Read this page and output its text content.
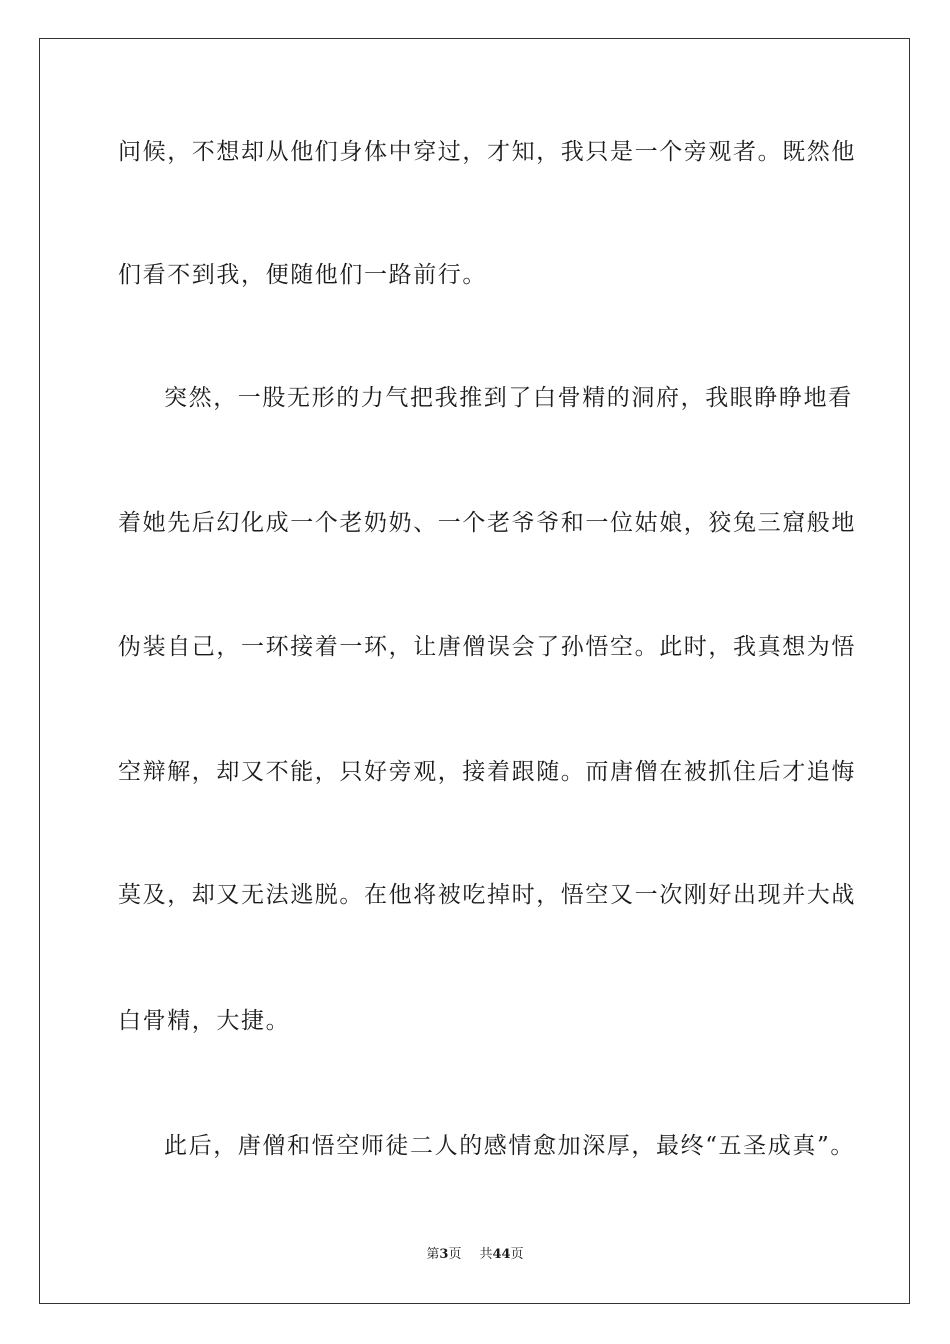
问候，不想却从他们身体中穿过，才知，我只是一个旁观者。既然他
们看不到我，便随他们一路前行。
突然，一股无形的力气把我推到了白骨精的洞府，我眼睁睁地看
着她先后幻化成一个老奶奶、一个老爷爷和一位姑娘，狡兔三窟般地
伪装自己，一环接着一环，让唐僧误会了孙悟空。此时，我真想为悟
空辩解，却又不能，只好旁观，接着跟随。而唐僧在被抓住后才追悔
莫及，却又无法逃脱。在他将被吃掉时，悟空又一次刚好出现并大战
白骨精，大捷。
此后，唐僧和悟空师徒二人的感情愈加深厚，最终“五圣成真”。
第3页 共44页
